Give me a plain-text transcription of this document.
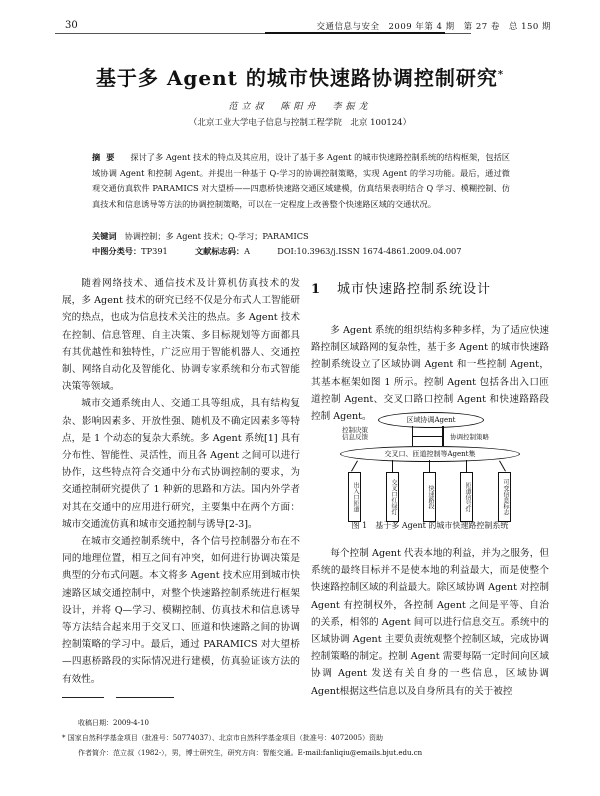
30	交通信息与安全　2009 年第 4 期　第 27 卷　总 150 期
基于多 Agent 的城市快速路协调控制研究*
范立叔　陈阳舟　李振龙
（北京工业大学电子信息与控制工程学院　北京 100124）
摘要 探讨了多 Agent 技术的特点及其应用，设计了基于多 Agent 的城市快速路控制系统的结构框架，包括区域协调 Agent 和控制 Agent。并提出一种基于 Q-学习的协调控制策略，实现 Agent 的学习功能。最后，通过微观交通仿真软件 PARAMICS 对大望桥——四惠桥快速路交通区域建模，仿真结果表明结合 Q 学习、模糊控制、仿真技术和信息诱导等方法的协调控制策略，可以在一定程度上改善整个快速路区域的交通状况。
关键词 协调控制；多 Agent 技术；Q-学习；PARAMICS
中图分类号：TP391	文献标志码：A	DOI:10.3963/j.ISSN 1674-4861.2009.04.007

随着网络技术、通信技术及计算机仿真技术的发展，多 Agent 技术的研究已经不仅是分布式人工智能研究的热点，也成为信息技术关注的热点。多 Agent 技术在控制、信息管理、自主决策、多目标规划等方面都具有其优越性和独特性，广泛应用于智能机器人、交通控制、网络自动化及智能化、协调专家系统和分布式智能决策等领域。

城市交通系统由人、交通工具等组成，具有结构复杂、影响因素多、开放性强、随机及不确定因素多等特点，是 1 个动态的复杂大系统。多 Agent 系统[1] 具有分布性、智能性、灵活性，而且各 Agent 之间可以进行协作，这些特点符合交通中分布式协调控制的要求，为交通控制研究提供了 1 种新的思路和方法。国内外学者对其在交通中的应用进行研究，主要集中在两个方面：城市交通流仿真和城市交通控制与诱导[2-3]。

在城市交通控制系统中，各个信号控制器分布在不同的地理位置，相互之间有冲突，如何进行协调决策是典型的分布式问题。本文将多 Agent 技术应用到城市快速路区域交通控制中，对整个快速路控制系统进行框架设计，并将 Q—学习、模糊控制、仿真技术和信息诱导等方法结合起来用于交叉口、匝道和快速路之间的协调控制策略的学习中。最后，通过 PARAMICS 对大望桥—四惠桥路段的实际情况进行建模，仿真验证该方法的有效性。

1 城市快速路控制系统设计

多 Agent 系统的组织结构多种多样，为了适应快速路控制区域路网的复杂性，基于多 Agent 的城市快速路控制系统设立了区域协调 Agent 和一些控制 Agent，其基本框架如图 1 所示。控制 Agent 包括各出入口匝道控制 Agent、交叉口路口控制 Agent 和快速路路段控制 Agent。	区域协调Agent
控制决策
信息反馈	协调控制策略
交叉口、匝道控制等Agent集
出入口匝道	交叉口红绿灯	快速路段	匝道信号灯	可变信息标志
图 1　基于多 Agent 的城市快速路控制系统

每个控制 Agent 代表本地的利益，并为之服务，但系统的最终目标并不是使本地的利益最大，而是使整个快速路控制区域的利益最大。除区域协调 Agent 对控制 Agent 有控制权外，各控制 Agent 之间是平等、自治的关系，相邻的 Agent 间可以进行信息交互。系统中的区域协调 Agent 主要负责统观整个控制区域，完成协调控制策略的制定。控制 Agent 需要每隔一定时间向区域协调 Agent 发送有关自身的一些信息，区域协调 Agent根据这些信息以及自身所具有的关于被控

收稿日期：2009-4-10
* 国家自然科学基金项目（批准号：50774037）、北京市自然科学基金项目（批准号：4072005）资助
作者简介：范立叔（1982-），男，博士研究生，研究方向：智能交通。E-mail:fanliqiu@emails.bjut.edu.cn
